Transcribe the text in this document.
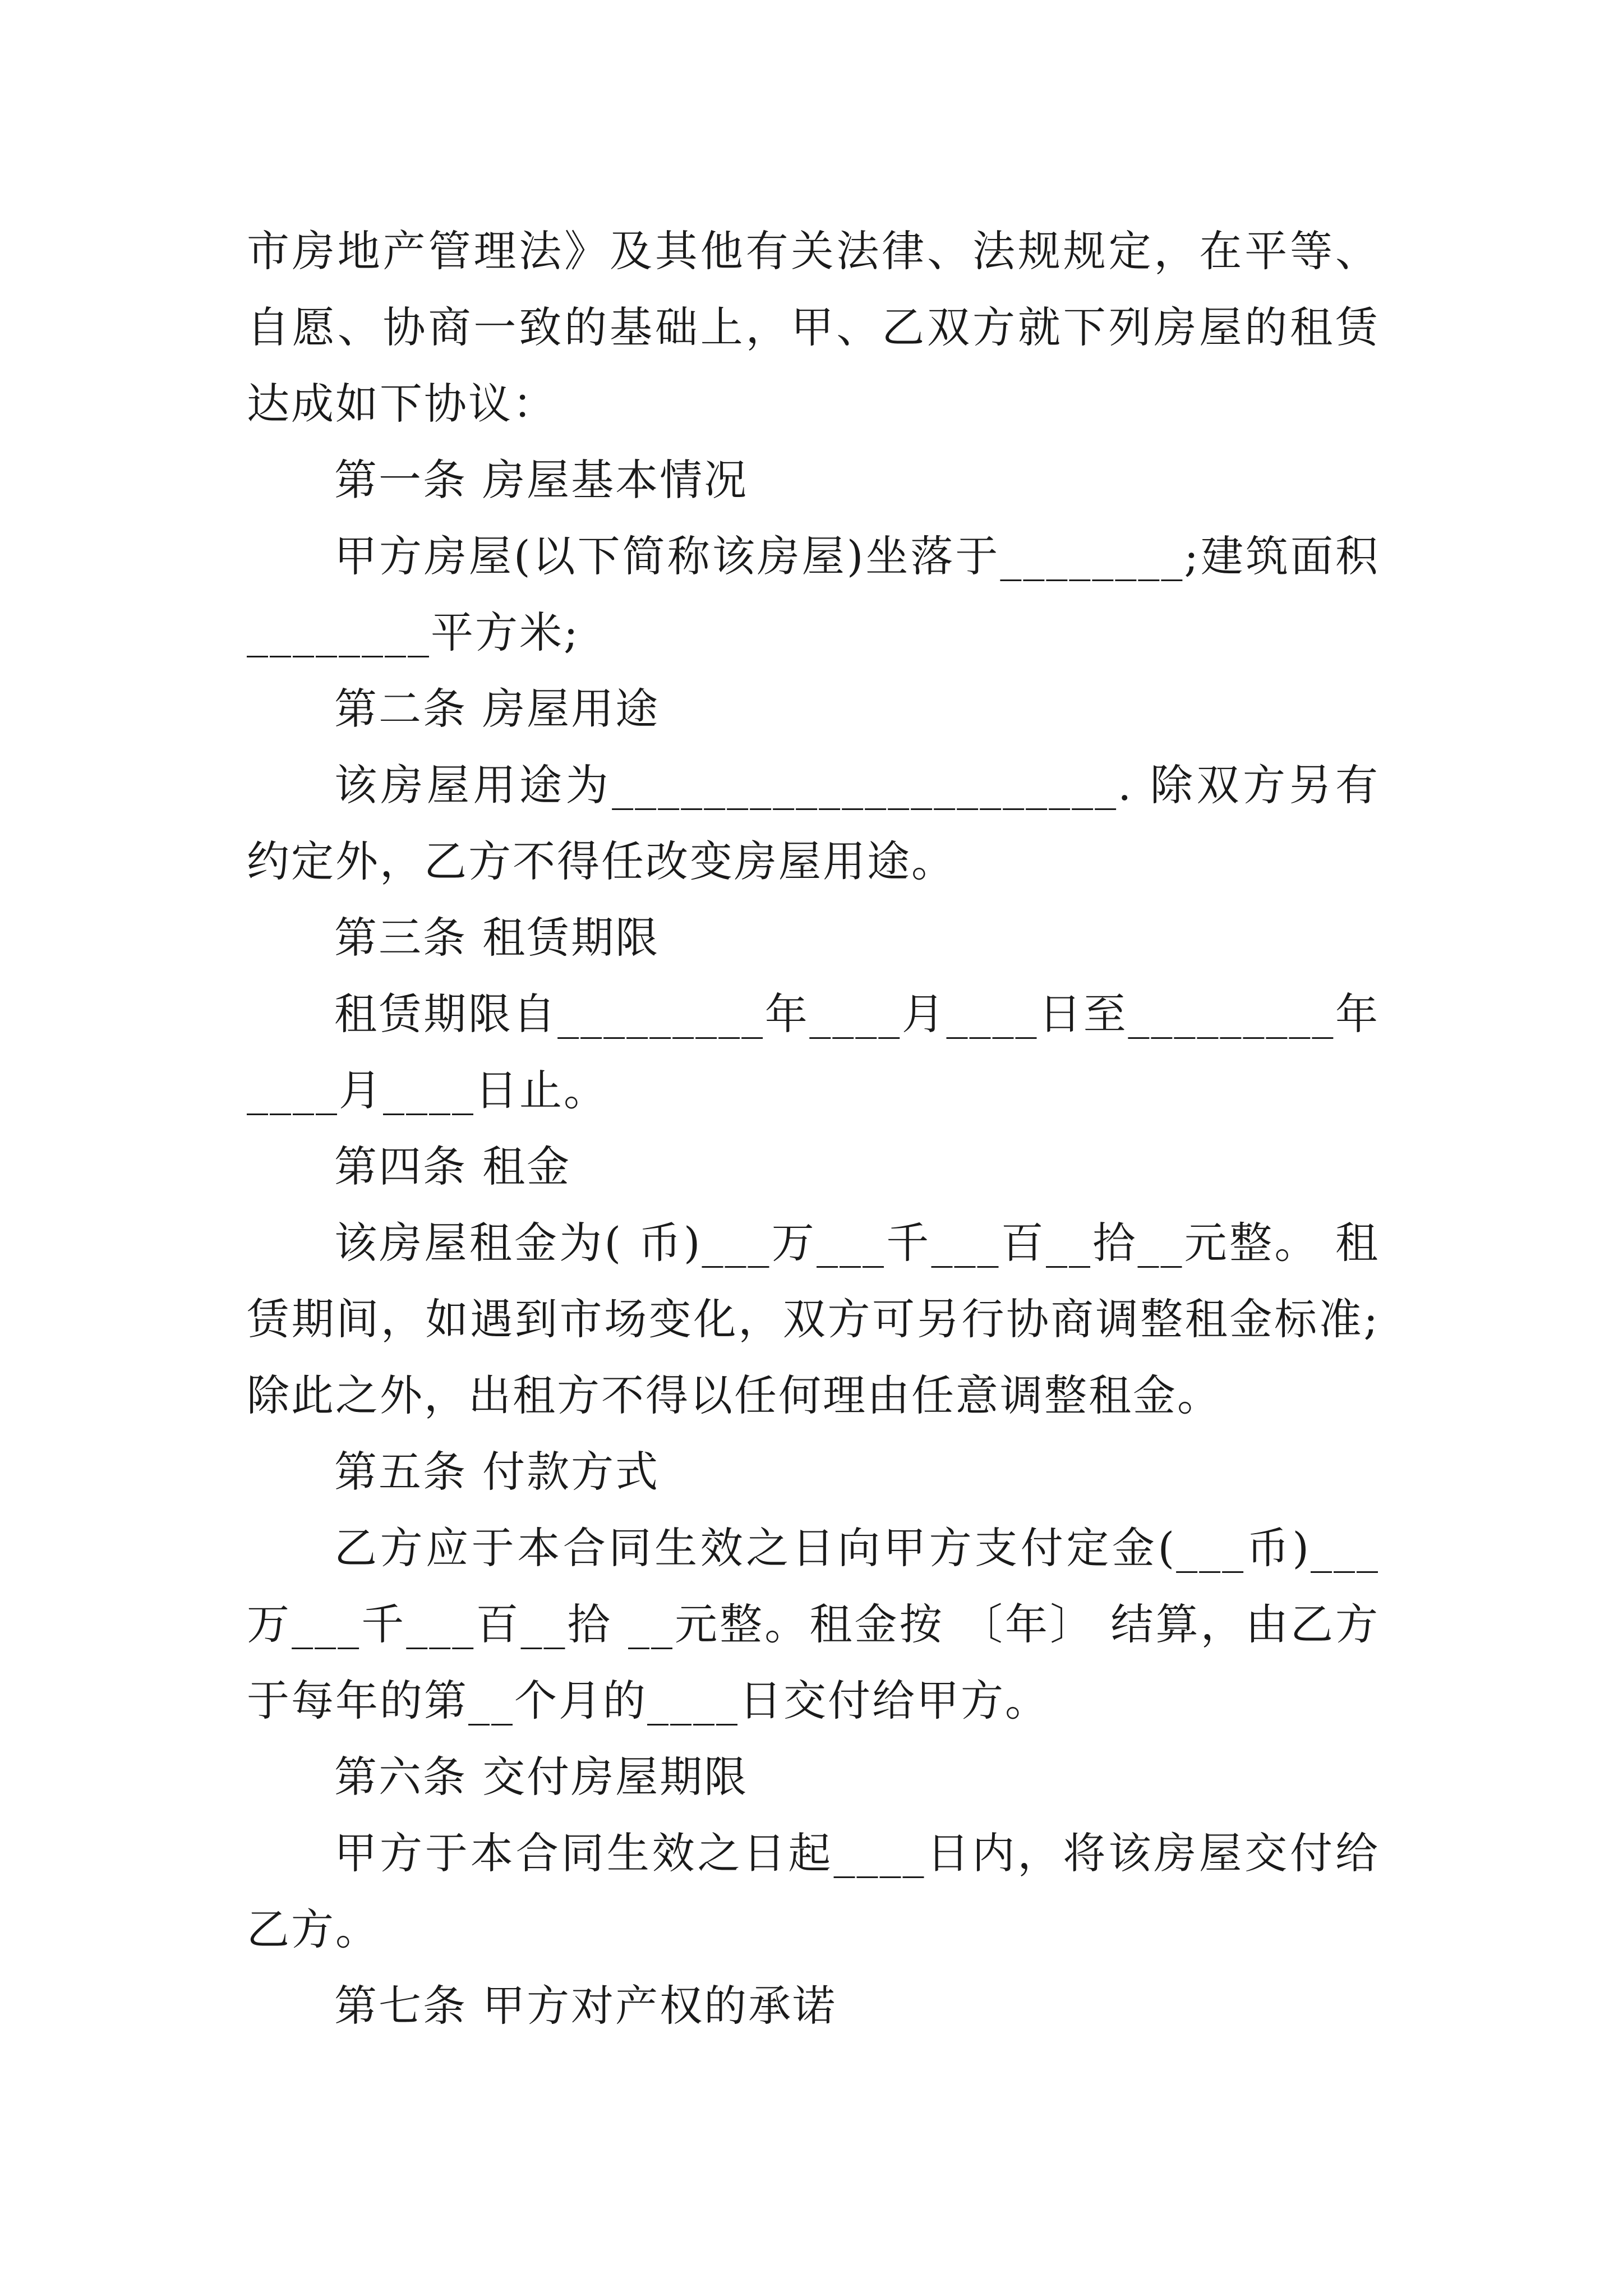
市房地产管理法》及其他有关法律、法规规定，在平等、自愿、协商一致的基础上，甲、乙双方就下列房屋的租赁达成如下协议：

第一条 房屋基本情况

甲方房屋(以下简称该房屋)坐落于________;建筑面积________平方米;

第二条 房屋用途

该房屋用途为______________________. 除双方另有约定外，乙方不得任改变房屋用途。

第三条 租赁期限

租赁期限自_________年____月____日至_________年____月____日止。

第四条 租金

该房屋租金为( 币)___万___千___百__拾__元整。 租赁期间，如遇到市场变化，双方可另行协商调整租金标准;除此之外，出租方不得以任何理由任意调整租金。

第五条 付款方式

乙方应于本合同生效之日向甲方支付定金(___币)___万___千___百__拾 __元整。租金按 〔年〕 结算，由乙方于每年的第__个月的____日交付给甲方。

第六条 交付房屋期限

甲方于本合同生效之日起____日内，将该房屋交付给乙方。

第七条 甲方对产权的承诺
